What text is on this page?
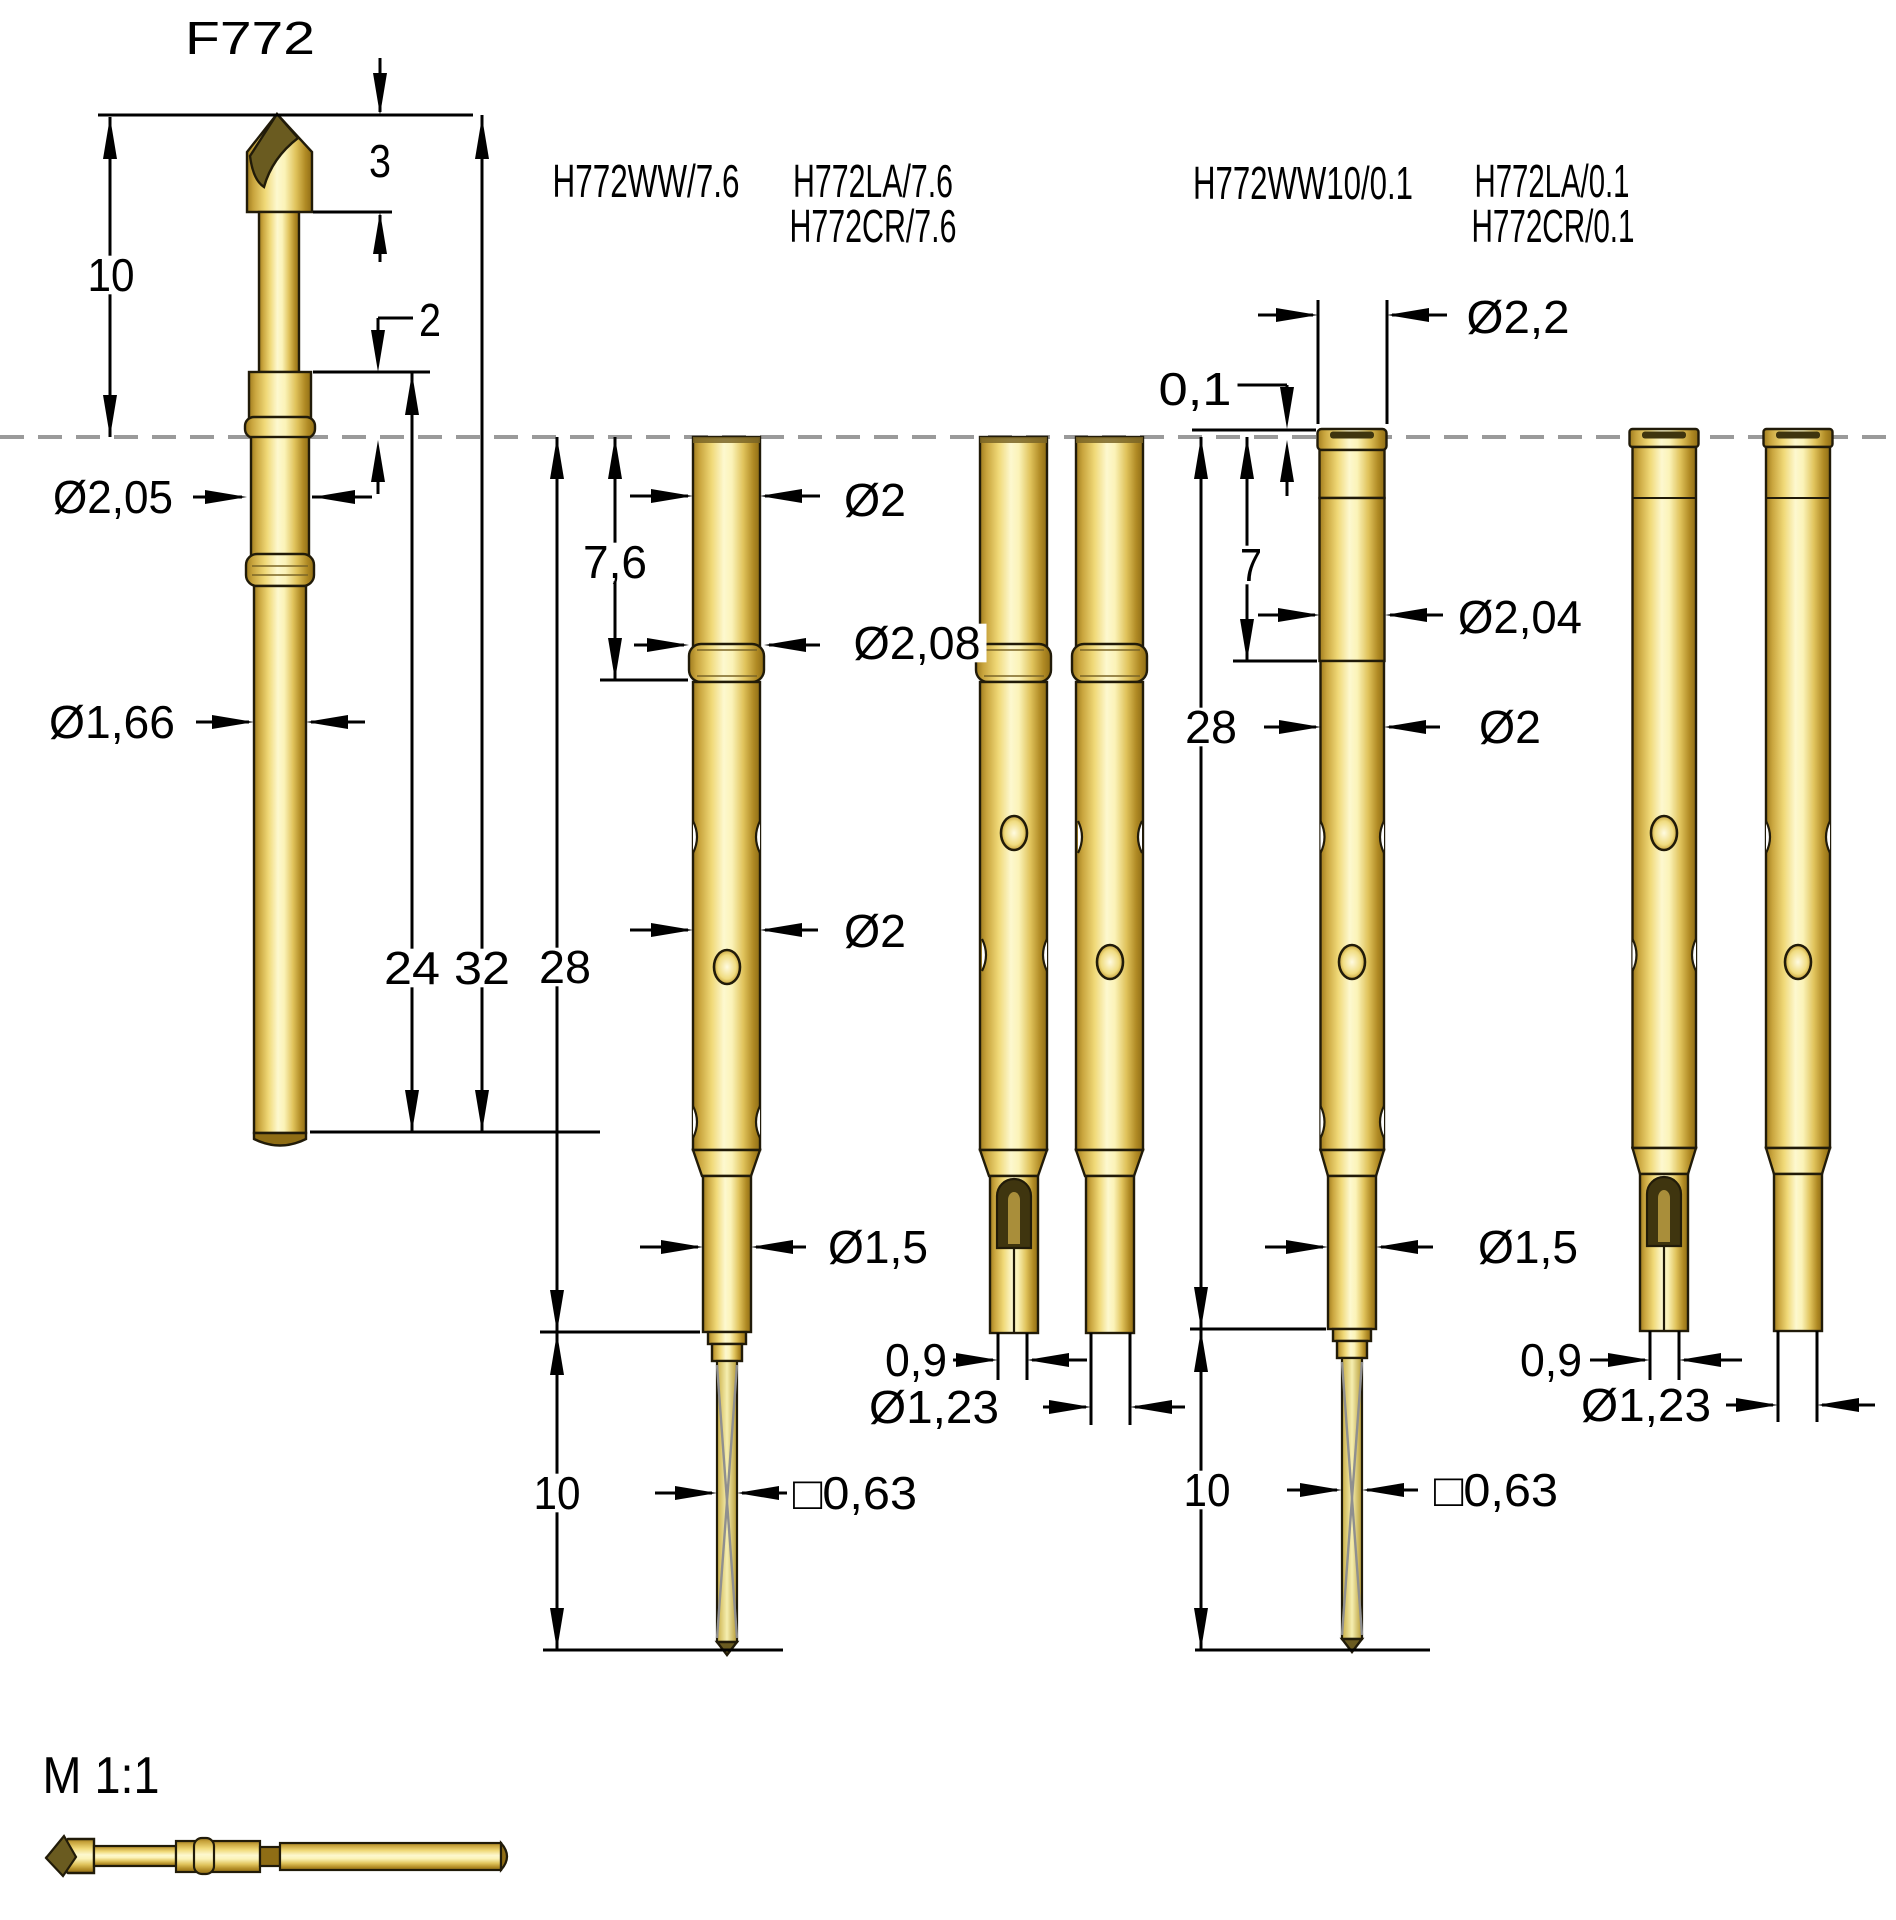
F772
H772WW/7.6 H772LA/7.6
H772CR/7.6
H772WW10/0.1 H772LA/0.1
H772CR/0.1
M 1:1
3
10
2
Ø2,05
Ø1,66
24 32 28
7,6
Ø2
Ø2,08
Ø2
Ø1,5
0,9
Ø1,23
10	□0,63
0,1
Ø2,2
7
Ø2,04
28	Ø2
Ø1,5
0,9
Ø1,23
10	□0,63
